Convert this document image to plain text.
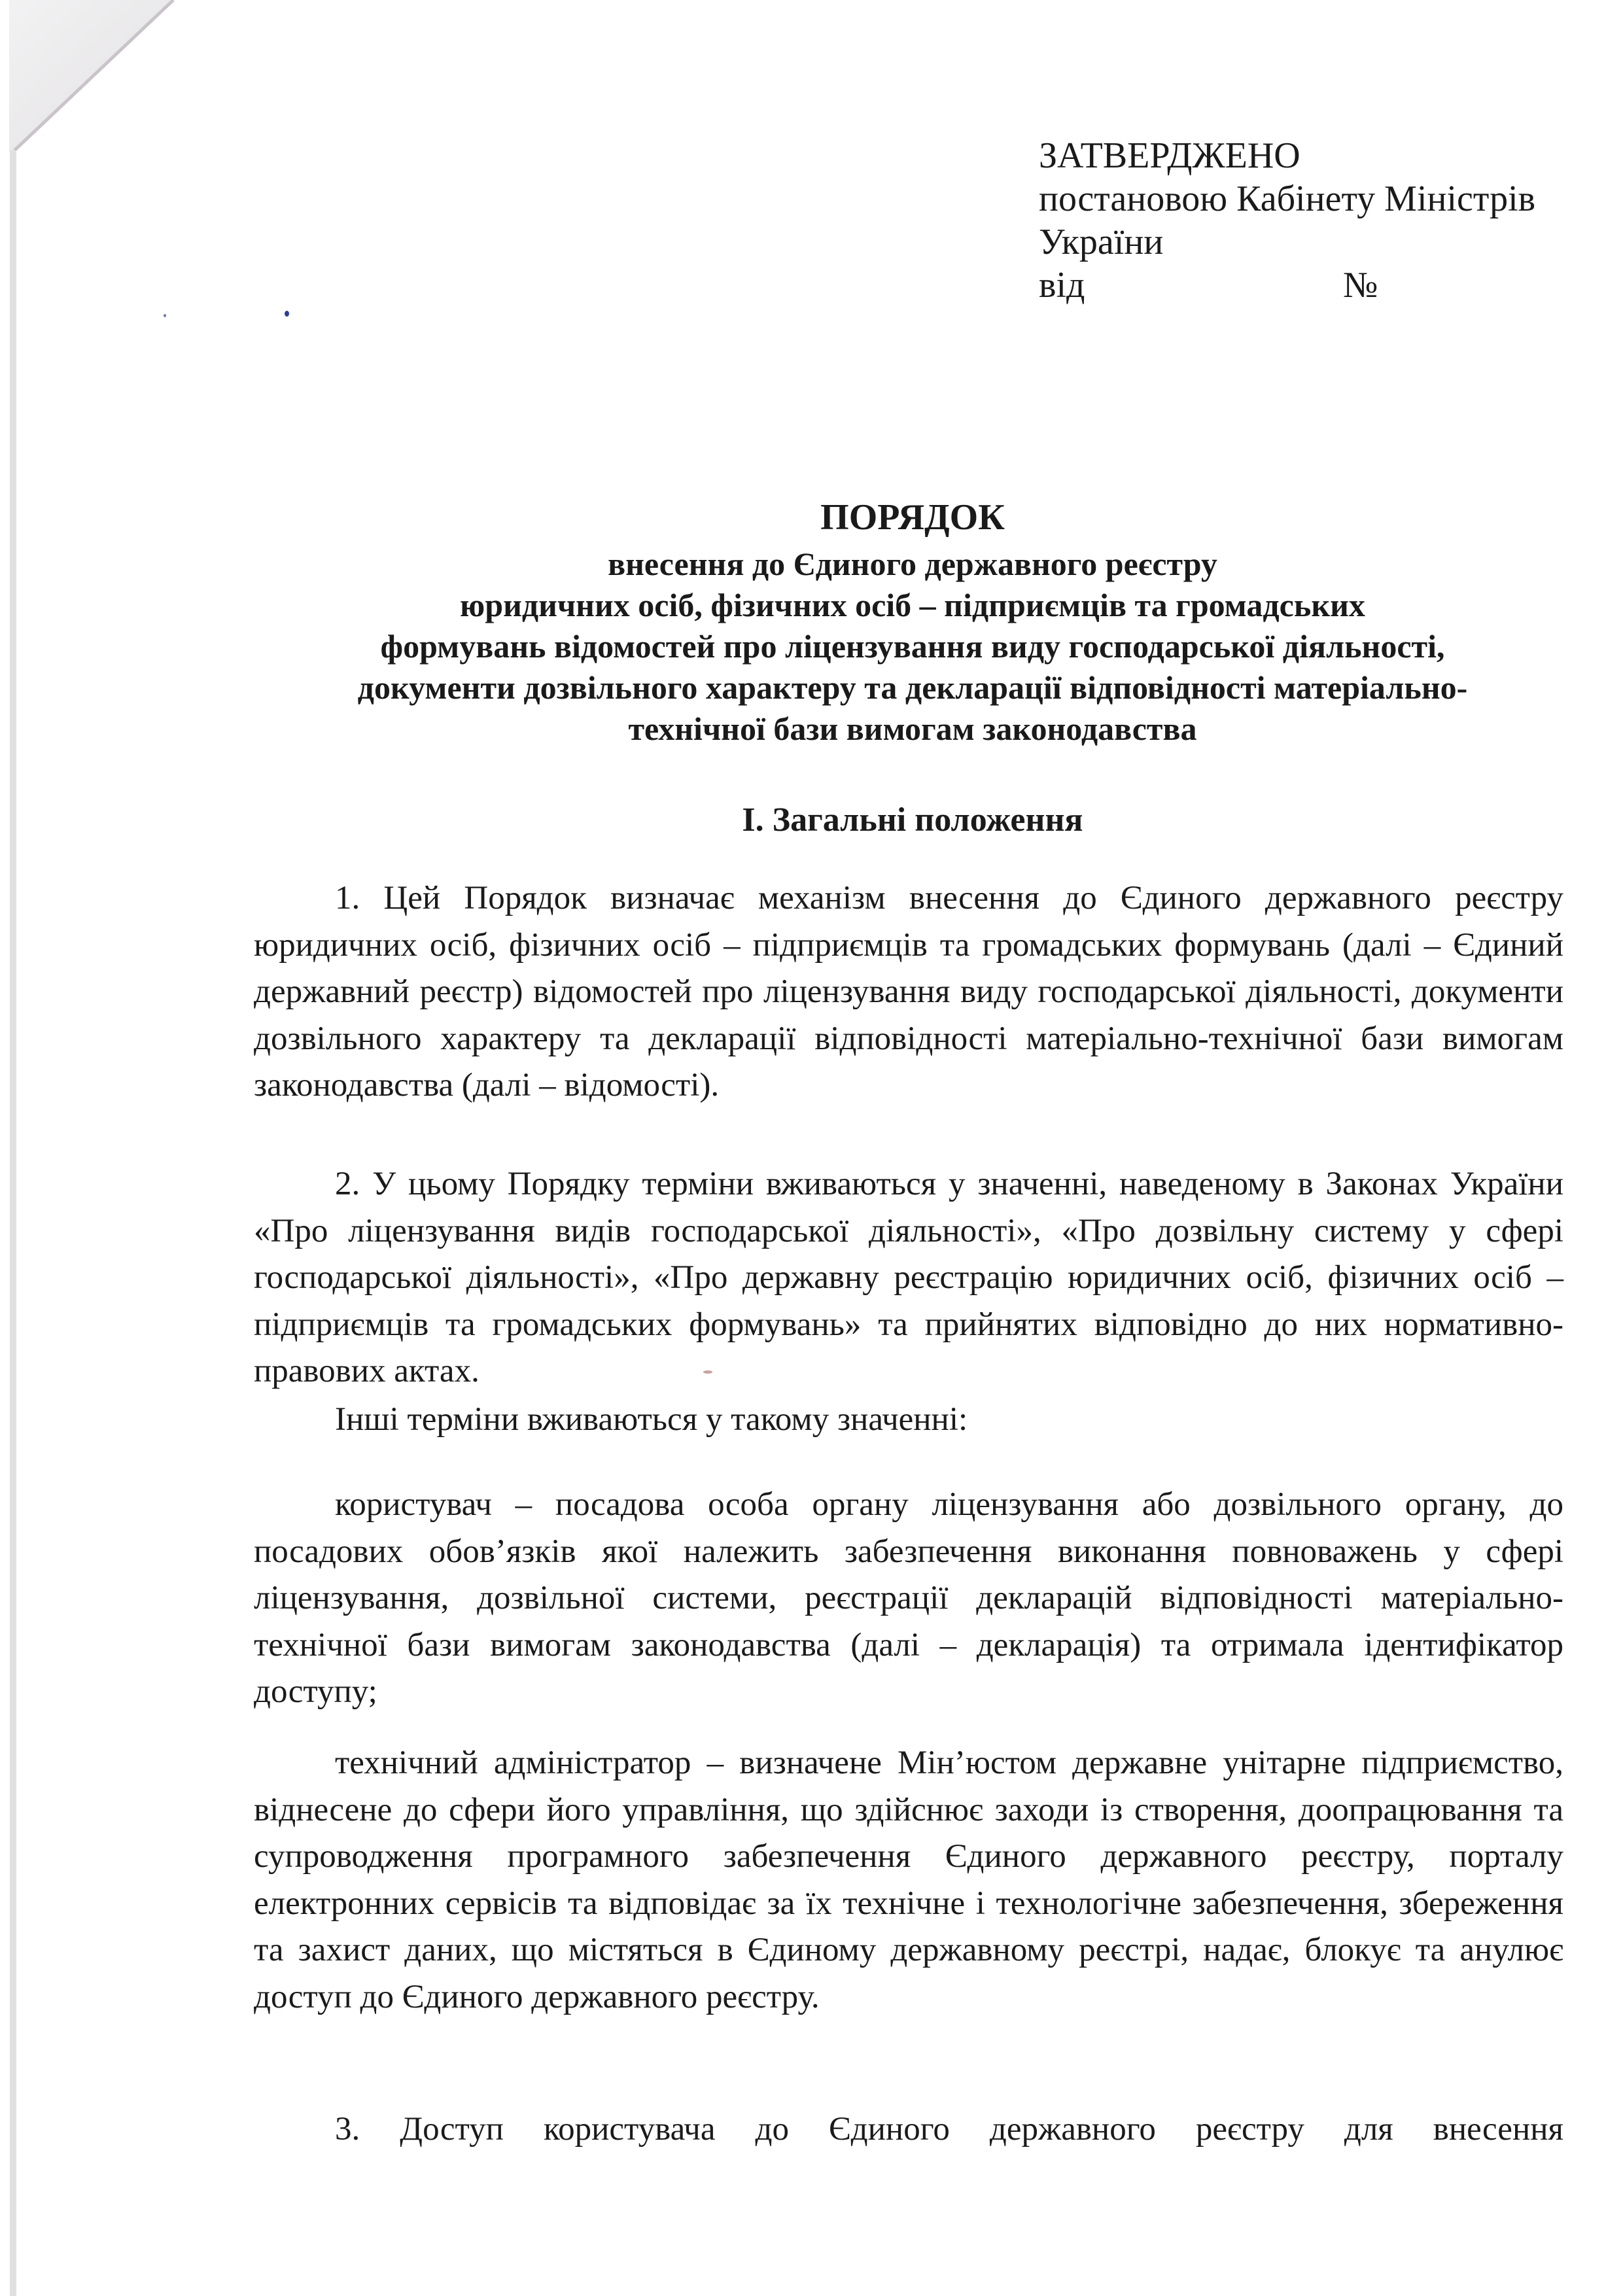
ЗАТВЕРДЖЕНО
постановою Кабінету Міністрів
України
від	№
ПОРЯДОК
внесення до Єдиного державного реєстру
юридичних осіб, фізичних осіб – підприємців та громадських
формувань відомостей про ліцензування виду господарської діяльності,
документи дозвільного характеру та декларації відповідності матеріально-
технічної бази вимогам законодавства
І. Загальні положення
1. Цей Порядок визначає механізм внесення до Єдиного державного реєстру юридичних осіб, фізичних осіб – підприємців та громадських формувань (далі – Єдиний державний реєстр) відомостей про ліцензування виду господарської діяльності, документи дозвільного характеру та декларації відповідності матеріально-технічної бази вимогам законодавства (далі – відомості).
2. У цьому Порядку терміни вживаються у значенні, наведеному в Законах України «Про ліцензування видів господарської діяльності», «Про дозвільну систему у сфері господарської діяльності», «Про державну реєстрацію юридичних осіб, фізичних осіб – підприємців та громадських формувань» та прийнятих відповідно до них нормативно-правових актах.
Інші терміни вживаються у такому значенні:
користувач – посадова особа органу ліцензування або дозвільного органу, до посадових обов’язків якої належить забезпечення виконання повноважень у сфері ліцензування, дозвільної системи, реєстрації декларацій відповідності матеріально-технічної бази вимогам законодавства (далі – декларація) та отримала ідентифікатор доступу;
технічний адміністратор – визначене Мін’юстом державне унітарне підприємство, віднесене до сфери його управління, що здійснює заходи із створення, доопрацювання та супроводження програмного забезпечення Єдиного державного реєстру, порталу електронних сервісів та відповідає за їх технічне і технологічне забезпечення, збереження та захист даних, що містяться в Єдиному державному реєстрі, надає, блокує та анулює доступ до Єдиного державного реєстру.
3. Доступ користувача до Єдиного державного реєстру для внесення
